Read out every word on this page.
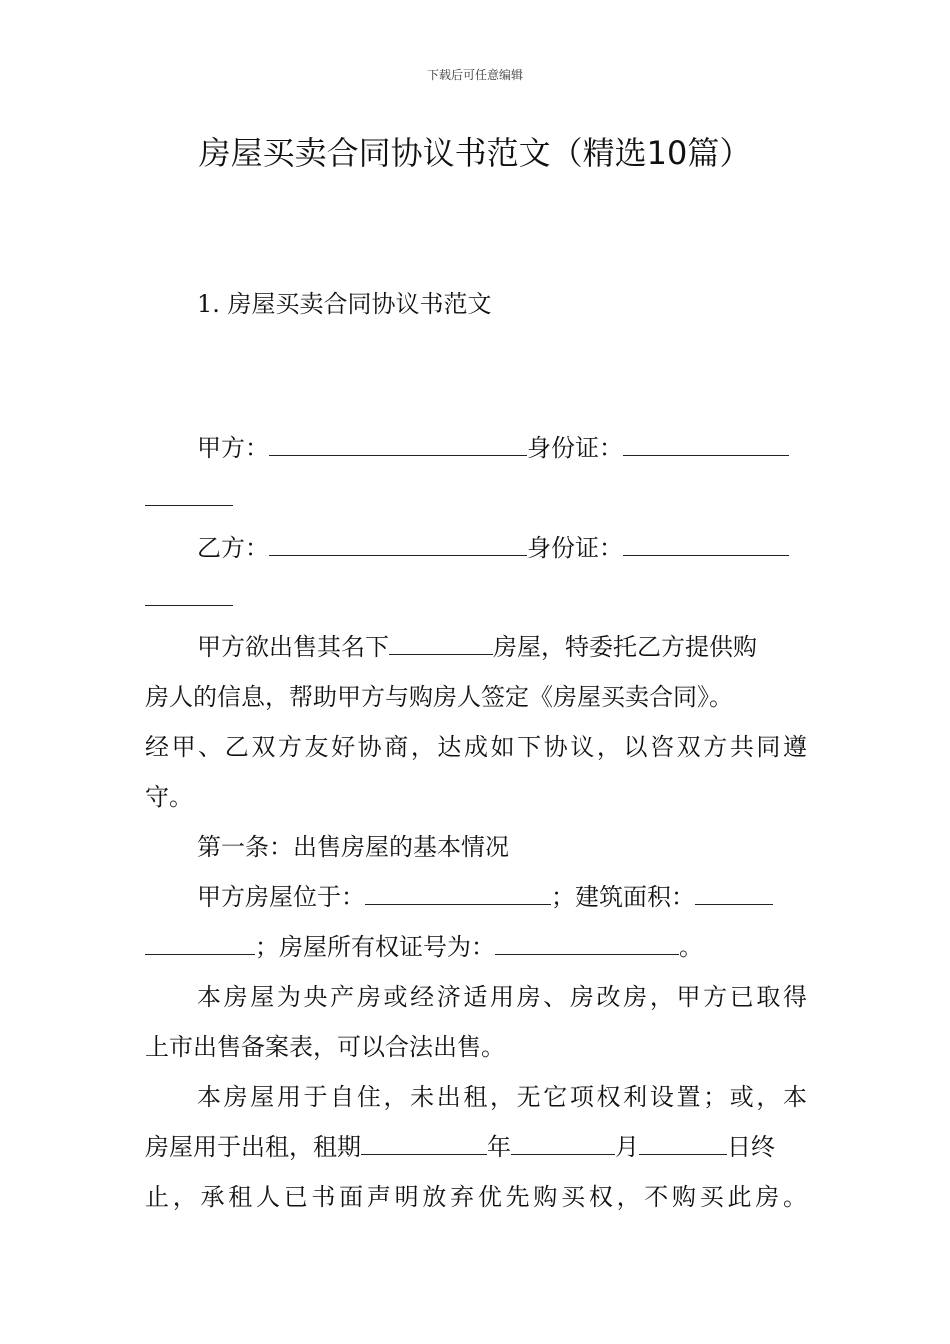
下载后可任意编辑
房屋买卖合同协议书范文（精选10篇）
1. 房屋买卖合同协议书范文
甲方：	身份证：
乙方：	身份证：
甲方欲出售其名下	房屋，特委托乙方提供购
房人的信息，帮助甲方与购房人签定《房屋买卖合同》。
经甲、乙双方友好协商，达成如下协议，以咨双方共同遵
守。
第一条：出售房屋的基本情况
甲方房屋位于：	；建筑面积：
；房屋所有权证号为：	。
本房屋为央产房或经济适用房、房改房，甲方已取得
上市出售备案表，可以合法出售。
本房屋用于自住，未出租，无它项权利设置；或，本
房屋用于出租，租期	年	月	日终
止，承租人已书面声明放弃优先购买权，不购买此房。
